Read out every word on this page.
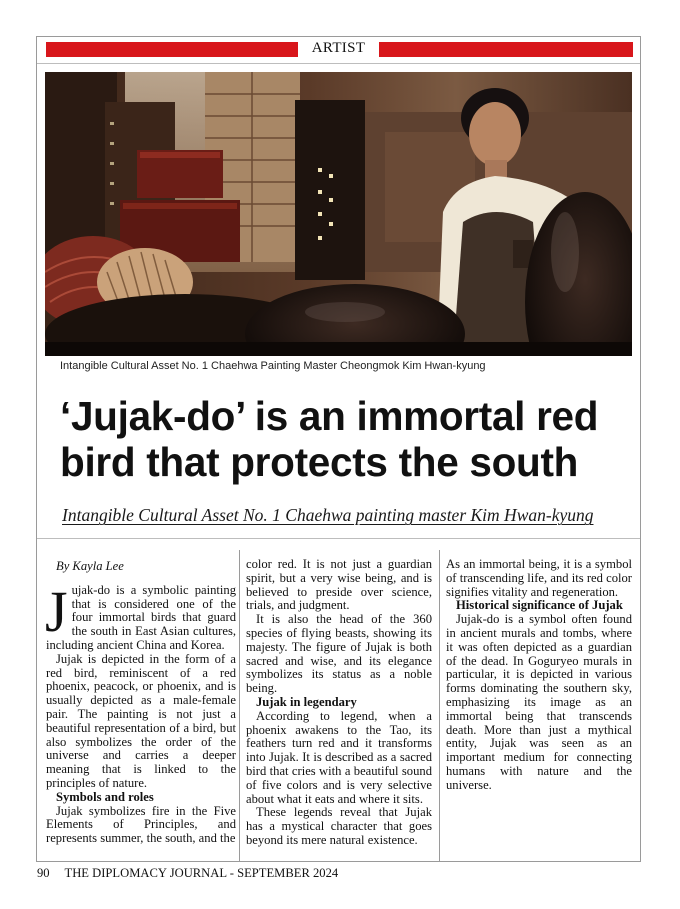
ARTIST
Intangible Cultural Asset No. 1 Chaehwa Painting Master Cheongmok Kim Hwan-kyung
‘Jujak-do’ is an immortal red
bird that protects the south
Intangible Cultural Asset No. 1 Chaehwa painting master Kim Hwan-kyung
By Kayla Lee

Jujak-do is a symbolic painting that is considered one of the four immortal birds that guard the south in East Asian cultures, including ancient China and Korea.

Jujak is depicted in the form of a red bird, reminiscent of a red phoenix, peacock, or phoenix, and is usually depicted as a male-female pair. The painting is not just a beautiful representation of a bird, but also symbolizes the order of the universe and carries a deeper meaning that is linked to the principles of nature.

Symbols and roles

Jujak symbolizes fire in the Five Elements of Principles, and represents summer, the south, and the

color red. It is not just a guardian spirit, but a very wise being, and is believed to preside over science, trials, and judgment.

It is also the head of the 360 species of flying beasts, showing its majesty. The figure of Jujak is both sacred and wise, and its elegance symbolizes its status as a noble being.

Jujak in legendary

According to legend, when a phoenix awakens to the Tao, its feathers turn red and it transforms into Jujak. It is described as a sacred bird that cries with a beautiful sound of five colors and is very selective about what it eats and where it sits.

These legends reveal that Jujak has a mystical character that goes beyond its mere natural existence.

As an immortal being, it is a symbol of transcending life, and its red color signifies vitality and regeneration.

Historical significance of Jujak

Jujak-do is a symbol often found in ancient murals and tombs, where it was often depicted as a guardian of the dead. In Goguryeo murals in particular, it is depicted in various forms dominating the southern sky, emphasizing its image as an immortal being that transcends death. More than just a mythical entity, Jujak was seen as an important medium for connecting humans with nature and the universe.

90 THE DIPLOMACY JOURNAL - SEPTEMBER 2024
